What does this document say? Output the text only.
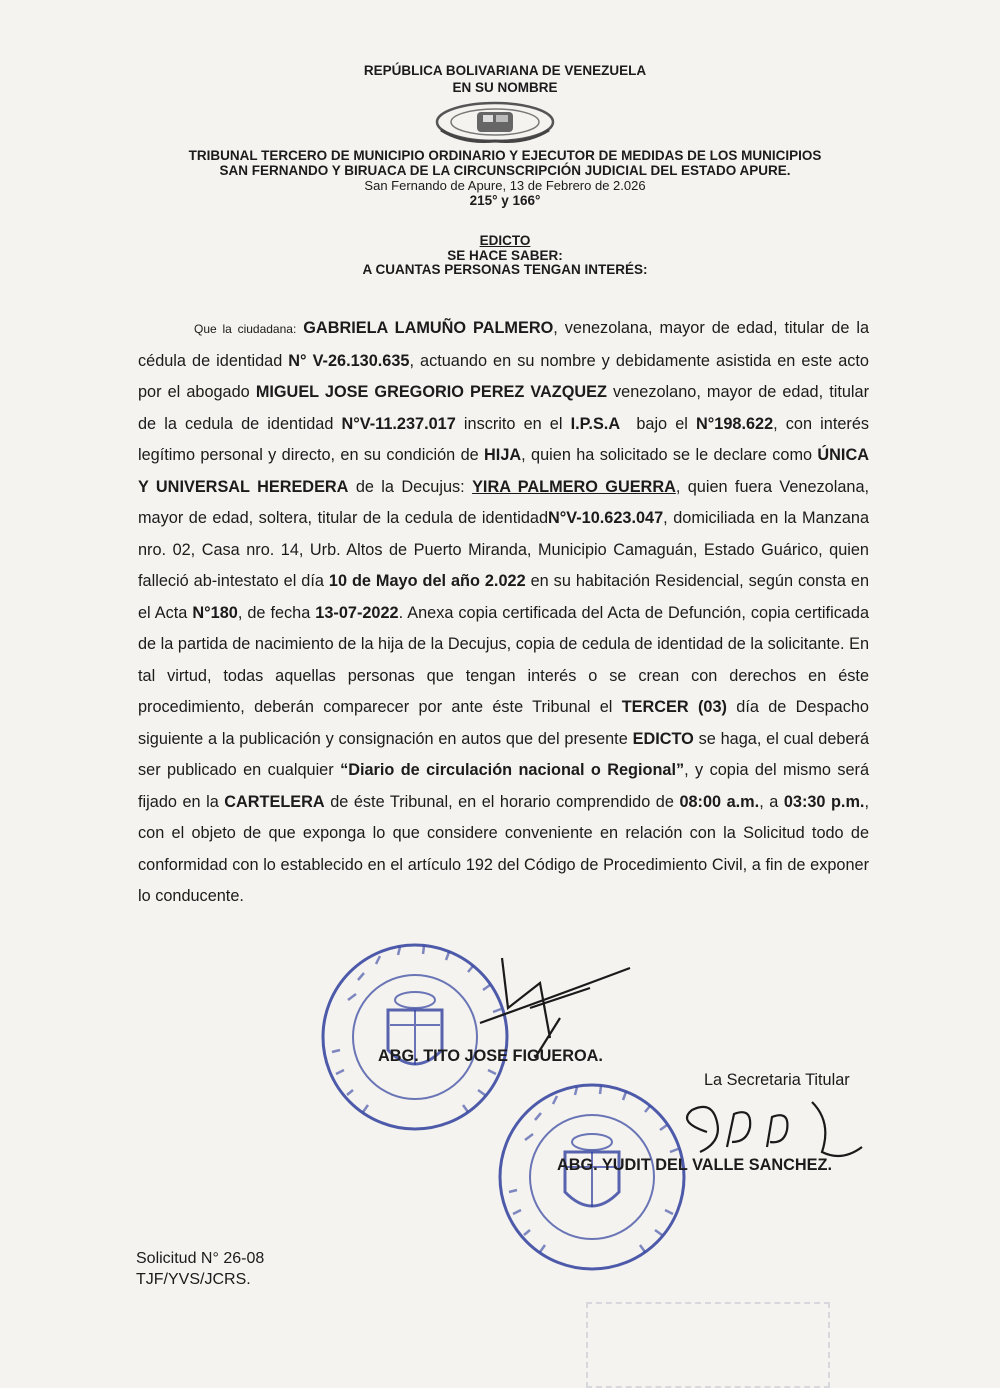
REPÚBLICA BOLIVARIANA DE VENEZUELA
EN SU NOMBRE
TRIBUNAL TERCERO DE MUNICIPIO ORDINARIO Y EJECUTOR DE MEDIDAS DE LOS MUNICIPIOS
SAN FERNANDO Y BIRUACA DE LA CIRCUNSCRIPCIÓN JUDICIAL DEL ESTADO APURE.
San Fernando de Apure, 13 de Febrero de 2.026
215° y 166°
EDICTO
SE HACE SABER:
A CUANTAS PERSONAS TENGAN INTERÉS:

Que la ciudadana: GABRIELA LAMUÑO PALMERO, venezolana, mayor de edad, titular de la cédula de identidad N° V-26.130.635, actuando en su nombre y debidamente asistida en este acto por el abogado MIGUEL JOSE GREGORIO PEREZ VAZQUEZ venezolano, mayor de edad, titular de la cedula de identidad N°V-11.237.017 inscrito en el I.P.S.A bajo el N°198.622, con interés legítimo personal y directo, en su condición de HIJA, quien ha solicitado se le declare como ÚNICA Y UNIVERSAL HEREDERA de la Decujus: YIRA PALMERO GUERRA, quien fuera Venezolana, mayor de edad, soltera, titular de la cedula de identidadN°V-10.623.047, domiciliada en la Manzana nro. 02, Casa nro. 14, Urb. Altos de Puerto Miranda, Municipio Camaguán, Estado Guárico, quien falleció ab-intestato el día 10 de Mayo del año 2.022 en su habitación Residencial, según consta en el Acta N°180, de fecha 13-07-2022. Anexa copia certificada del Acta de Defunción, copia certificada de la partida de nacimiento de la hija de la Decujus, copia de cedula de identidad de la solicitante. En tal virtud, todas aquellas personas que tengan interés o se crean con derechos en éste procedimiento, deberán comparecer por ante éste Tribunal el TERCER (03) día de Despacho siguiente a la publicación y consignación en autos que del presente EDICTO se haga, el cual deberá ser publicado en cualquier “Diario de circulación nacional o Regional”, y copia del mismo será fijado en la CARTELERA de éste Tribunal, en el horario comprendido de 08:00 a.m., a 03:30 p.m., con el objeto de que exponga lo que considere conveniente en relación con la Solicitud todo de conformidad con lo establecido en el artículo 192 del Código de Procedimiento Civil, a fin de exponer lo conducente.

ABG. TITO JOSE FIGUEROA.
La Secretaria Titular
ABG. YUDIT DEL VALLE SANCHEZ.
Solicitud N° 26-08
TJF/YVS/JCRS.
